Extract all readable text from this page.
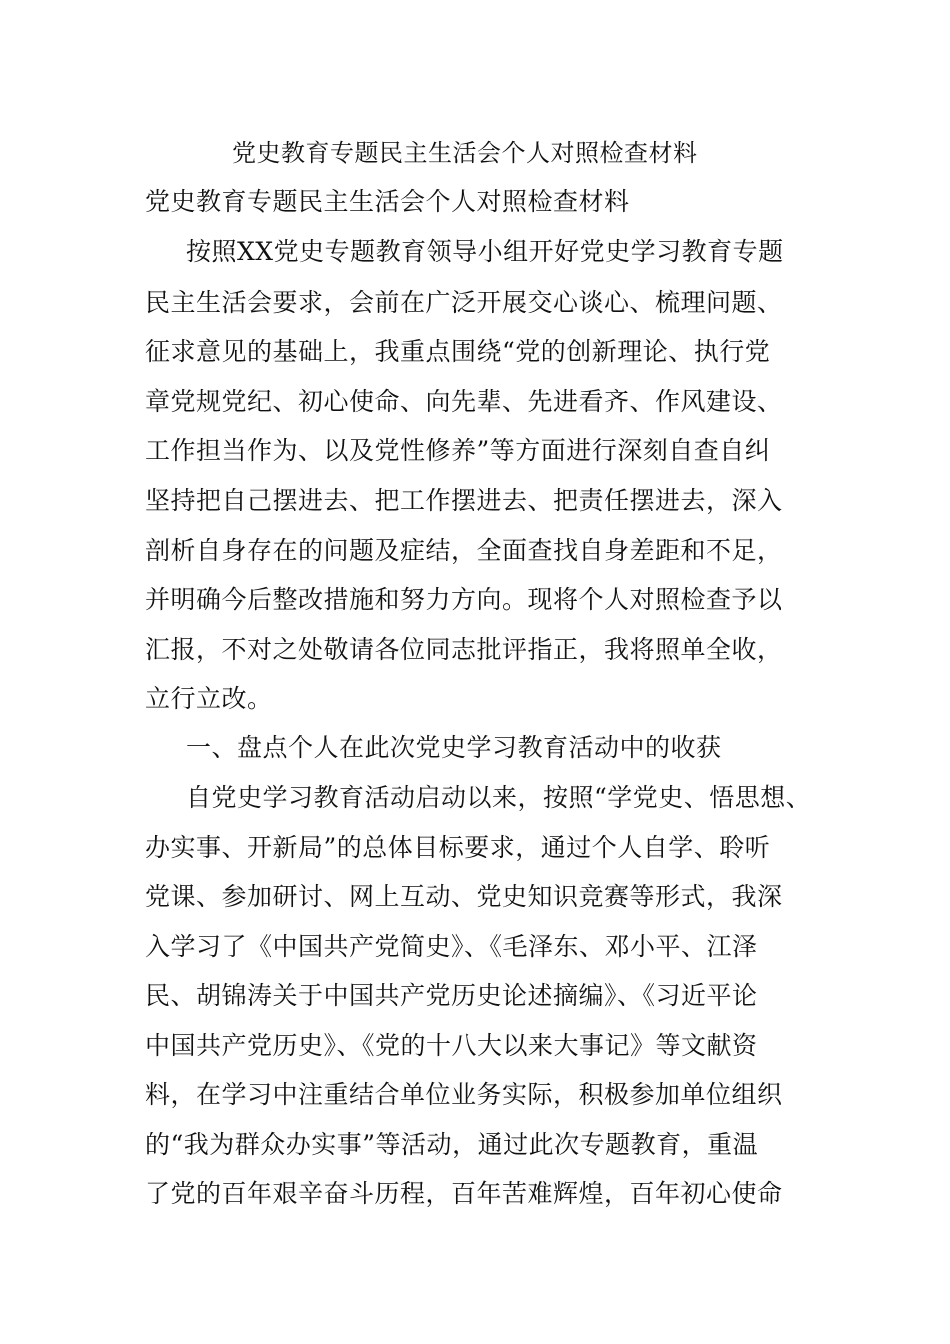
党史教育专题民主生活会个人对照检查材料
党史教育专题民主生活会个人对照检查材料
按照XX党史专题教育领导小组开好党史学习教育专题
民主生活会要求，会前在广泛开展交心谈心、梳理问题、
征求意见的基础上，我重点围绕“党的创新理论、执行党
章党规党纪、初心使命、向先辈、先进看齐、作风建设、
工作担当作为、以及党性修养”等方面进行深刻自查自纠
坚持把自己摆进去、把工作摆进去、把责任摆进去，深入
剖析自身存在的问题及症结，全面查找自身差距和不足，
并明确今后整改措施和努力方向。现将个人对照检查予以
汇报，不对之处敬请各位同志批评指正，我将照单全收，
立行立改。
一、盘点个人在此次党史学习教育活动中的收获
自党史学习教育活动启动以来，按照“学党史、悟思想、
办实事、开新局”的总体目标要求，通过个人自学、聆听
党课、参加研讨、网上互动、党史知识竞赛等形式，我深
入学习了《中国共产党简史》、《毛泽东、邓小平、江泽
民、胡锦涛关于中国共产党历史论述摘编》、《习近平论
中国共产党历史》、《党的十八大以来大事记》等文献资
料，在学习中注重结合单位业务实际，积极参加单位组织
的“我为群众办实事”等活动，通过此次专题教育，重温
了党的百年艰辛奋斗历程，百年苦难辉煌，百年初心使命
